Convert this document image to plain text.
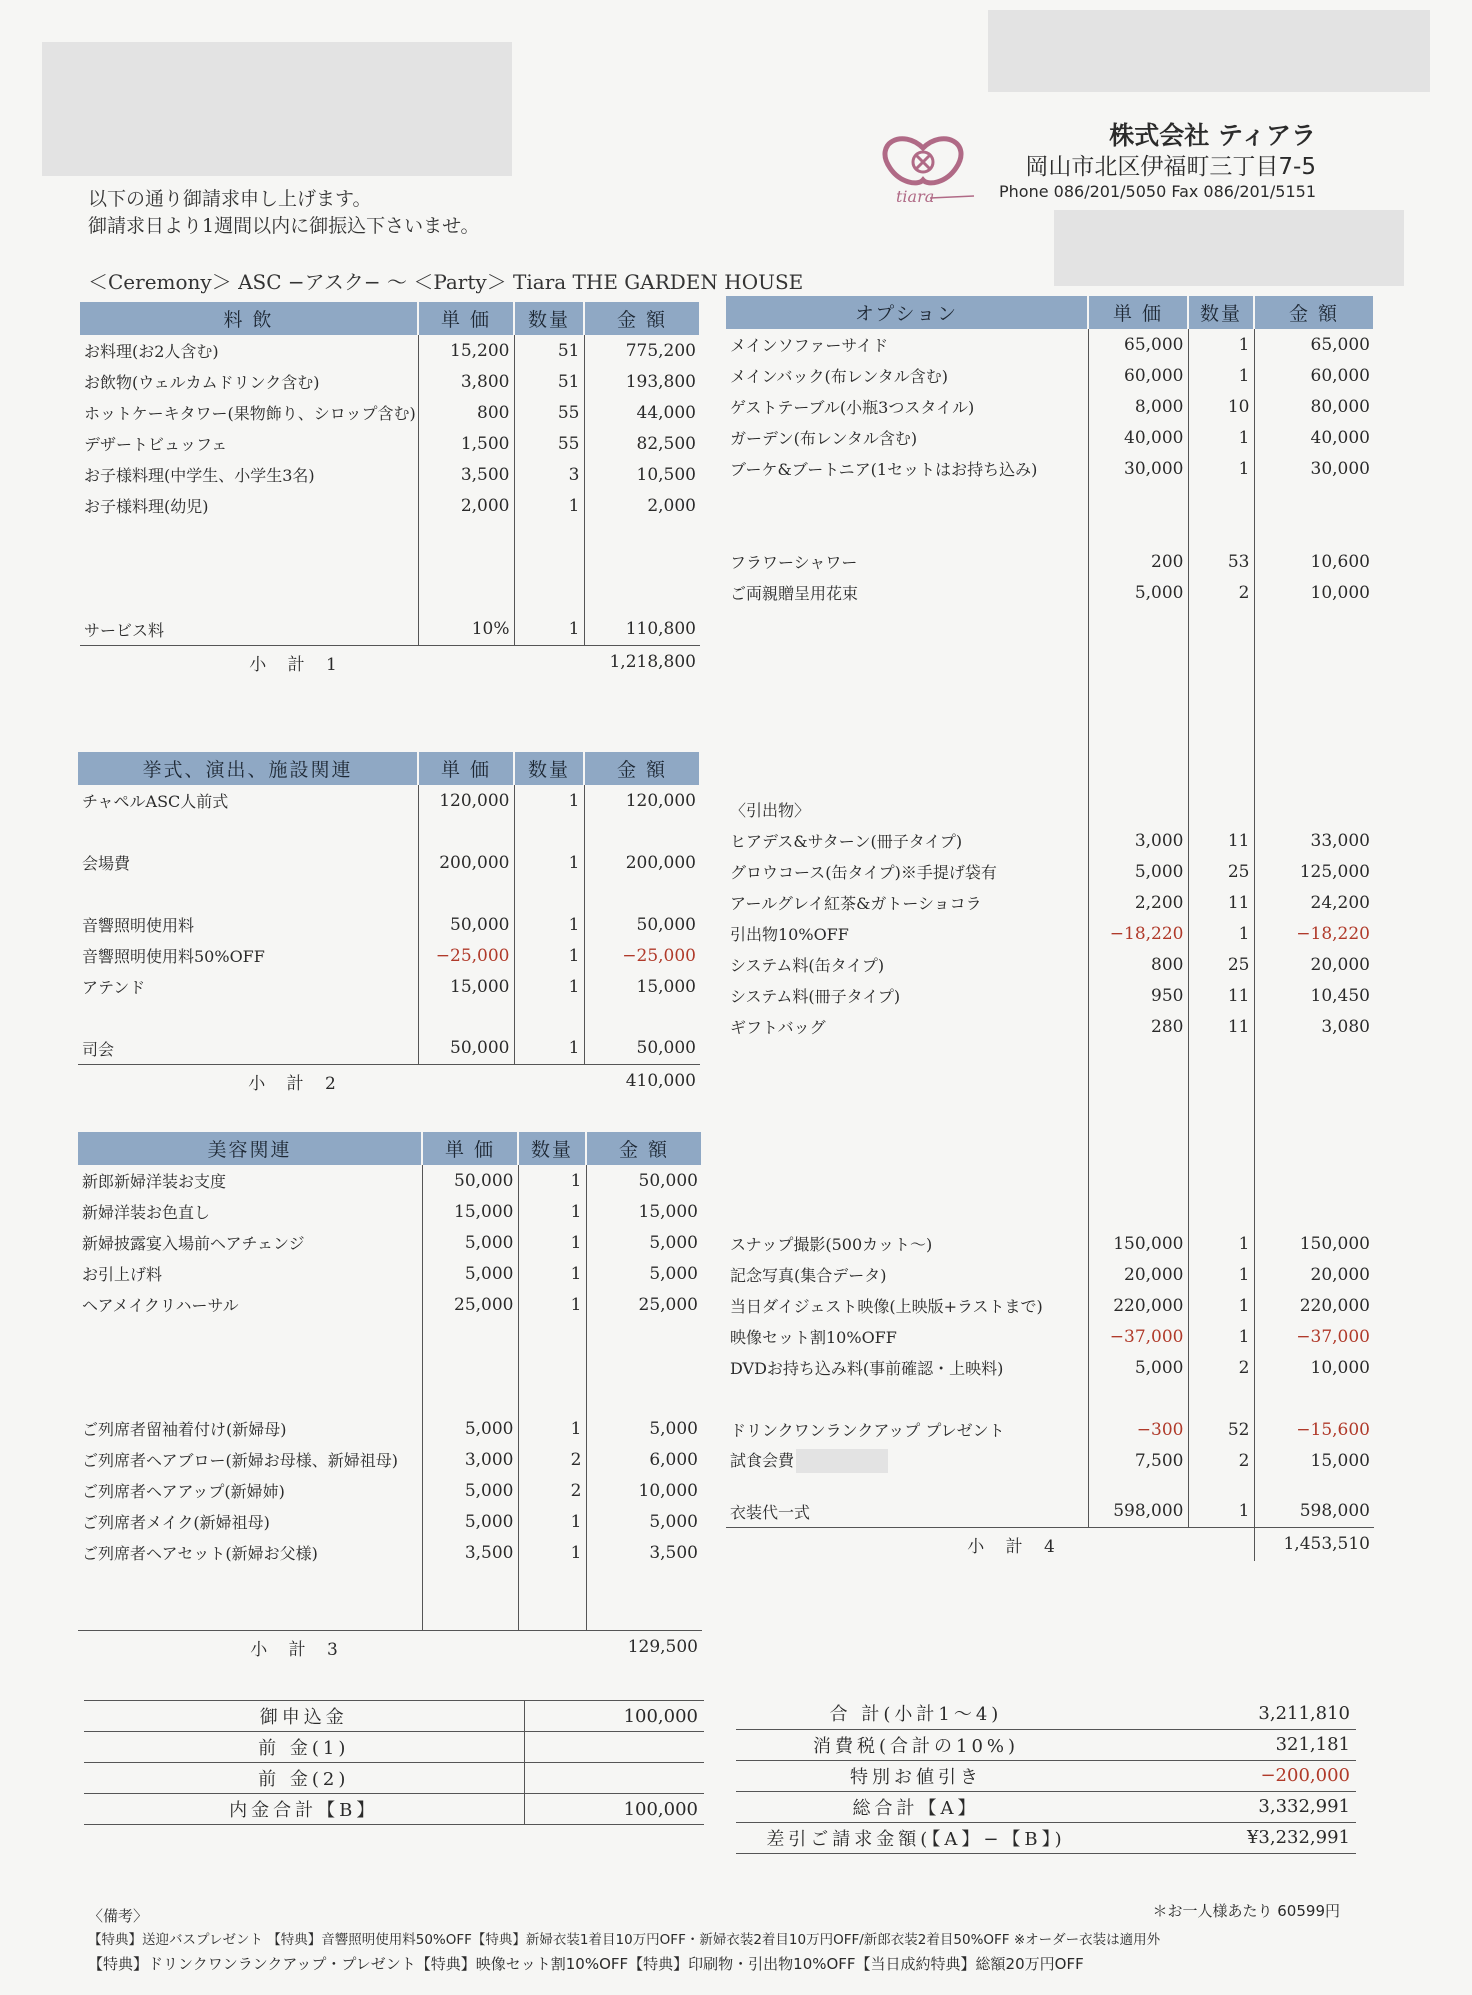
tiara
株式会社 ティアラ
岡山市北区伊福町三丁目7-5
Phone 086/201/5050 Fax 086/201/5151
以下の通り御請求申し上げます。
御請求日より1週間以内に御振込下さいませ。
＜Ceremony＞ ASC −アスク− 〜 ＜Party＞ Tiara THE GARDEN HOUSE
料 飲	単 価	数量	金 額
お料理(お2人含む)	15,200	51	775,200
お飲物(ウェルカムドリンク含む)	3,800	51	193,800
ホットケーキタワー(果物飾り、シロップ含む)	800	55	44,000
デザートビュッフェ	1,500	55	82,500
お子様料理(中学生、小学生3名)	3,500	3	10,500
お子様料理(幼児)	2,000	1	2,000

サービス料	10%	1	110,800
小 計 1			1,218,800
挙式、演出、施設関連	単 価	数量	金 額
チャペルASC人前式	120,000	1	120,000

会場費	200,000	1	200,000

音響照明使用料	50,000	1	50,000
音響照明使用料50%OFF	−25,000	1	−25,000
アテンド	15,000	1	15,000

司会	50,000	1	50,000
小 計 2			410,000
美容関連	単 価	数量	金 額
新郎新婦洋装お支度	50,000	1	50,000
新婦洋装お色直し	15,000	1	15,000
新婦披露宴入場前ヘアチェンジ	5,000	1	5,000
お引上げ料	5,000	1	5,000
ヘアメイクリハーサル	25,000	1	25,000

ご列席者留袖着付け(新婦母)	5,000	1	5,000
ご列席者ヘアブロー(新婦お母様、新婦祖母)	3,000	2	6,000
ご列席者ヘアアップ(新婦姉)	5,000	2	10,000
ご列席者メイク(新婦祖母)	5,000	1	5,000
ご列席者ヘアセット(新婦お父様)	3,500	1	3,500

小 計 3			129,500
オプション	単 価	数量	金 額
メインソファーサイド	65,000	1	65,000
メインバック(布レンタル含む)	60,000	1	60,000
ゲストテーブル(小瓶3つスタイル)	8,000	10	80,000
ガーデン(布レンタル含む)	40,000	1	40,000
ブーケ&ブートニア(1セットはお持ち込み)	30,000	1	30,000

フラワーシャワー	200	53	10,600
ご両親贈呈用花束	5,000	2	10,000

〈引出物〉			
ヒアデス&サターン(冊子タイプ)	3,000	11	33,000
グロウコース(缶タイプ)※手提げ袋有	5,000	25	125,000
アールグレイ紅茶&ガトーショコラ	2,200	11	24,200
引出物10%OFF	−18,220	1	−18,220
システム料(缶タイプ)	800	25	20,000
システム料(冊子タイプ)	950	11	10,450
ギフトバッグ	280	11	3,080

スナップ撮影(500カット〜)	150,000	1	150,000
記念写真(集合データ)	20,000	1	20,000
当日ダイジェスト映像(上映版+ラストまで)	220,000	1	220,000
映像セット割10%OFF	−37,000	1	−37,000
DVDお持ち込み料(事前確認・上映料)	5,000	2	10,000

ドリンクワンランクアップ プレゼント	−300	52	−15,600
試食会費	7,500	2	15,000

衣装代一式	598,000	1	598,000
小 計 4			1,453,510
御申込金	100,000
前 金(1)	
前 金(2)	
内金合計【B】	100,000
合 計(小計1〜4)	3,211,810
消費税(合計の10%)	321,181
特別お値引き	−200,000
総合計【A】	3,332,991
差引ご請求金額(【A】−【B】)	¥3,232,991
＊お一人様あたり 60599円
〈備考〉
【特典】送迎バスプレゼント 【特典】音響照明使用料50%OFF【特典】新婦衣装1着目10万円OFF・新婦衣装2着目10万円OFF/新郎衣装2着目50%OFF ※オーダー衣装は適用外
【特典】ドリンクワンランクアップ・プレゼント【特典】映像セット割10%OFF【特典】印刷物・引出物10%OFF【当日成約特典】総額20万円OFF
